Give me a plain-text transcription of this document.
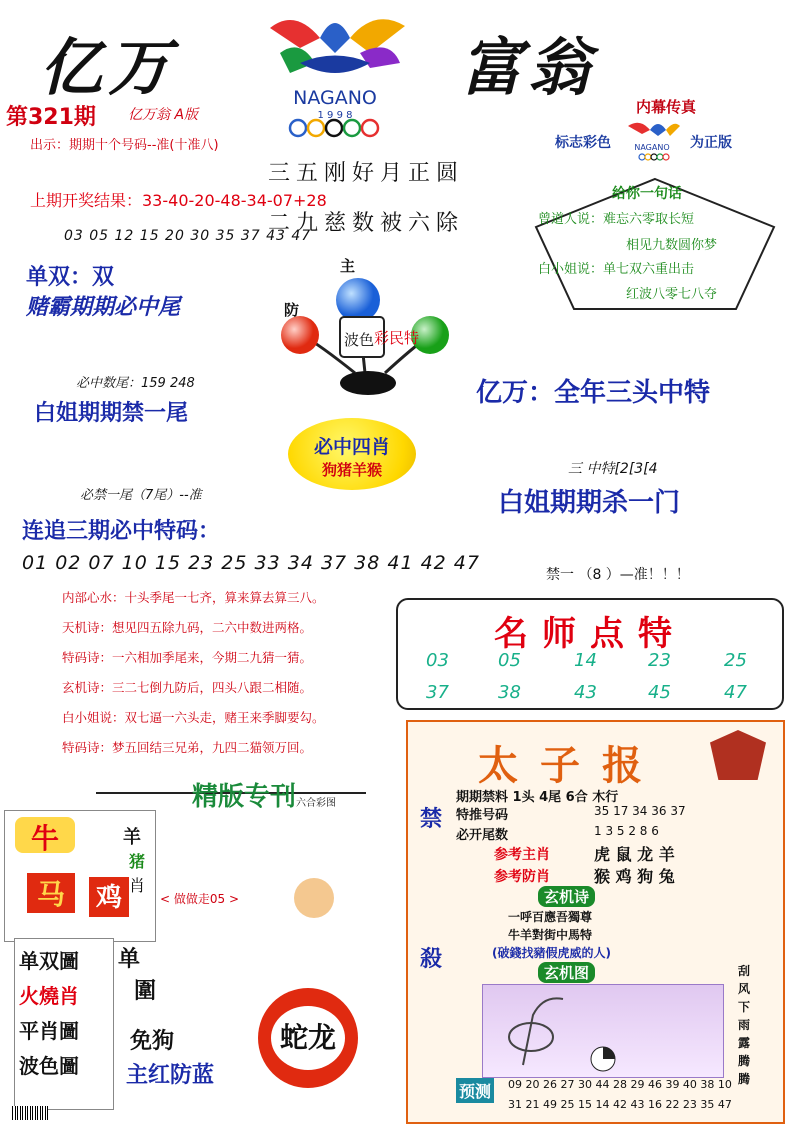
亿万	富翁
NAGANO
1 9 9 8
第321期 亿万翁 A版
出示：期期十个号码--准(十准八)
内幕传真
标志彩色	为正版
NAGANO
三五刚好月正圆
二九慈数被六除
上期开奖结果：33-40-20-48-34-07+28
03 05 12 15 20 30 35 37 43 47
给你一句话
曾道人说：难忘六零取长短
相见九数圆你梦
白小姐说：单七双六重出击
红波八零七八夺
单双：双
赌霸期期必中尾
主
防
波色 彩民特
必中数尾：159 248
白姐期期禁一尾
亿万：全年三头中特
必中四肖
狗猪羊猴	三 中特[2[3[4
白姐期期杀一门
必禁一尾（7尾）--准
连追三期必中特码：
01 02 07 10 15 23 25 33 34 37 38 41 42 47
禁一 （8 ）—准！！！
内部心水：十头季尾一七齐，算来算去算三八。
天机诗：想见四五除九码，二六中数进两格。
特码诗：一六相加季尾来，今期二九猜一猜。
玄机诗：三二七倒九防后，四头八跟二相随。
白小姐说：双七逼一六头走，赌王来季脚要勾。
特码诗：梦五回结三兄弟，九四二猫领万回。
名师点特
03	05	14	23	25
37	38	43	45	47
精版专刊 六合彩图
牛
马	鸡
羊
猪
肖
< 做做走05 >
单双圖
火燒肖
平肖圖
波色圖
单
圍
免狗
主红防蓝
蛇龙
太子报
期期禁料 1头 4尾 6合 木行
特推号码	35 17 34 36 37
必开尾数	1 3 5 2 8 6
参考主肖	虎 鼠 龙 羊
参考防肖	猴 鸡 狗 兔
玄机诗
一呼百應吾獨尊
牛羊對街中馬特
(破錢找豬假虎威的人)
玄机图
禁
殺	刮风下雨露腾腾
预测 09 20 26 27 30 44 28 29 46 39 40 38 10
31 21 49 25 15 14 42 43 16 22 23 35 47
